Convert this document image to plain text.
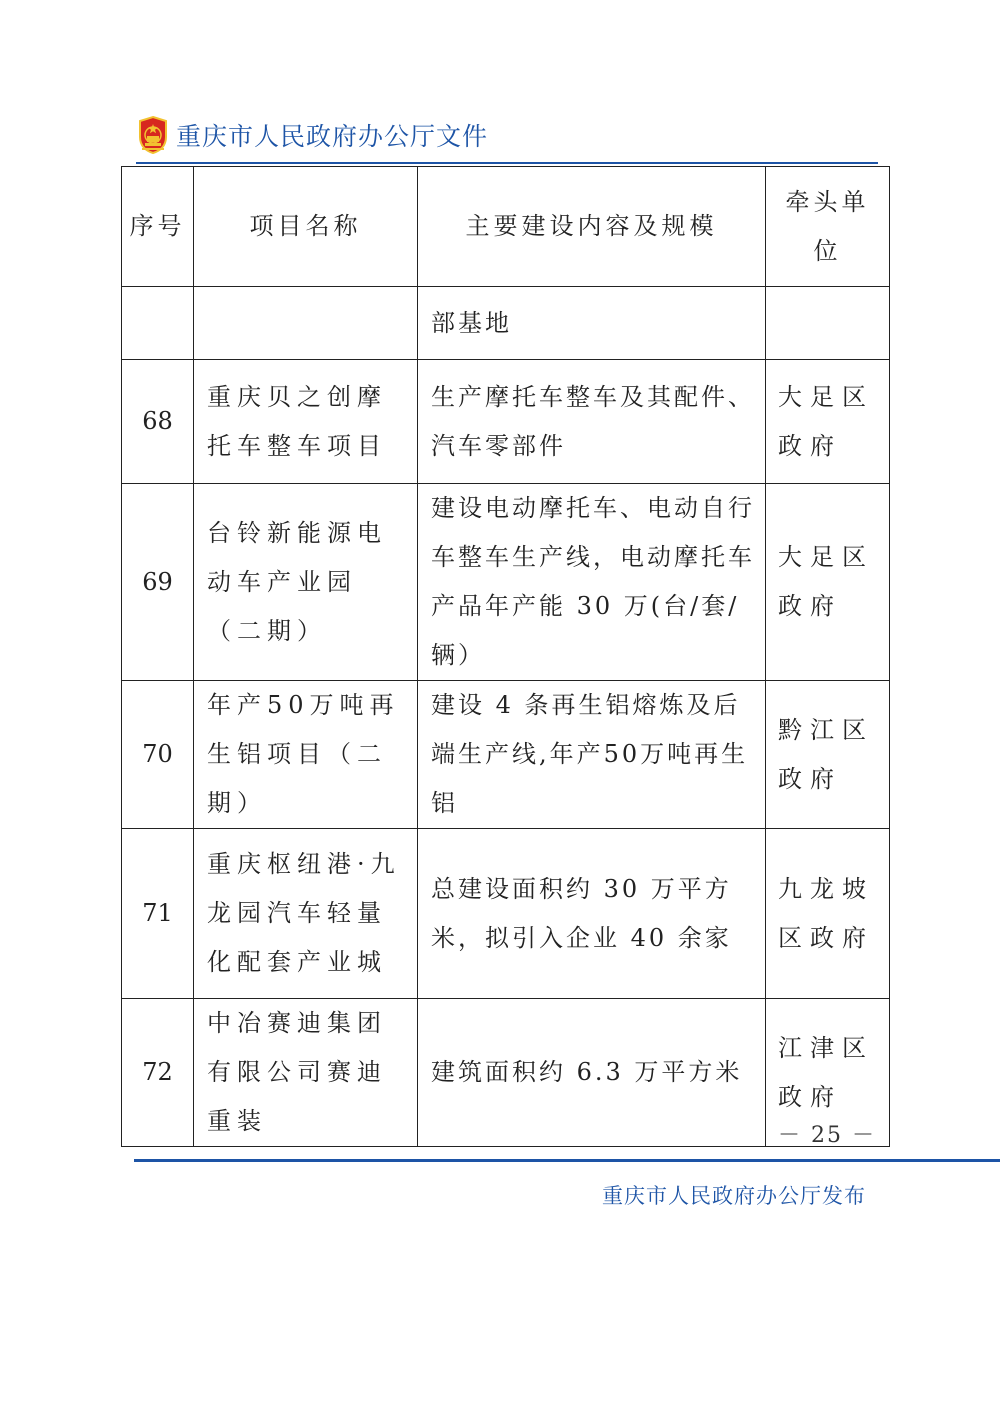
重庆市人民政府办公厅文件
序号	项目名称	主要建设内容及规模	牵头单位
		部基地	
68	重庆贝之创摩托车整车项目	生产摩托车整车及其配件、汽车零部件	大足区政府
69	台铃新能源电动车产业园（二期）	建设电动摩托车、电动自行车整车生产线，电动摩托车产品年产能 30 万(台/套/辆）	大足区政府
70	年产50万吨再生铝项目（二期）	建设 4 条再生铝熔炼及后端生产线,年产50万吨再生铝	黔江区政府
71	重庆枢纽港·九龙园汽车轻量化配套产业城	总建设面积约 30 万平方米，拟引入企业 40 余家	九龙坡区政府
72	中冶赛迪集团有限公司赛迪重装	建筑面积约 6.3 万平方米	江津区政府
－ 25 －
重庆市人民政府办公厅发布
